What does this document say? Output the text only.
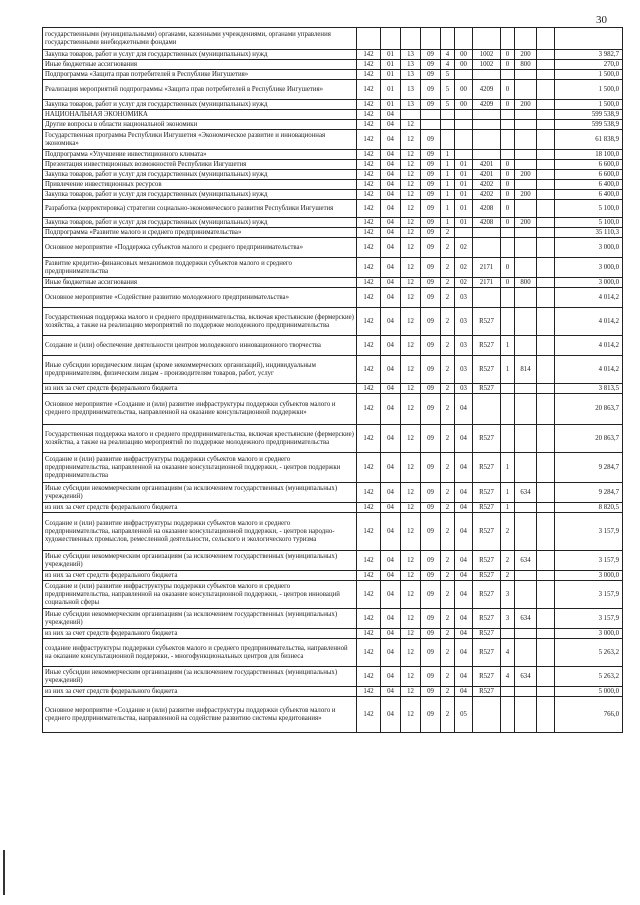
30
государственными (муниципальными) органами, казенными учреждениями, органами управления государственными внебюджетными фондами											
Закупка товаров, работ и услуг для государственных (муниципальных) нужд	142	01	13	09	4	00	1002	0	200		3 982,7
Иные бюджетные ассигнования	142	01	13	09	4	00	1002	0	800		270,0
Подпрограмма «Защита прав потребителей в Республике Ингушетия»	142	01	13	09	5						1 500,0
Реализация мероприятий подпрограммы «Защита прав потребителей в Республике Ингушетия»	142	01	13	09	5	00	4209	0			1 500,0
Закупка товаров, работ и услуг для государственных (муниципальных) нужд	142	01	13	09	5	00	4209	0	200		1 500,0
НАЦИОНАЛЬНАЯ ЭКОНОМИКА	142	04									599 538,9
Другие вопросы в области национальной экономики	142	04	12								599 538,9
Государственная программа Республики Ингушетия «Экономическое развитие и инновационная экономика»	142	04	12	09							61 838,9
Подпрограмма «Улучшение инвестиционного климата»	142	04	12	09	1						18 100,0
Презентация инвестиционных возможностей Республики Ингушетия	142	04	12	09	1	01	4201	0			6 600,0
Закупка товаров, работ и услуг для государственных (муниципальных) нужд	142	04	12	09	1	01	4201	0	200		6 600,0
Привлечение инвестиционных ресурсов	142	04	12	09	1	01	4202	0			6 400,0
Закупка товаров, работ и услуг для государственных (муниципальных) нужд	142	04	12	09	1	01	4202	0	200		6 400,0
Разработка (корректировка) стратегии социально-экономического развития Республики Ингушетия	142	04	12	09	1	01	4208	0			5 100,0
Закупка товаров, работ и услуг для государственных (муниципальных) нужд	142	04	12	09	1	01	4208	0	200		5 100,0
Подпрограмма «Развитие малого и среднего предпринимательства»	142	04	12	09	2						35 110,3
Основное мероприятие «Поддержка субъектов малого и среднего предпринимательства»	142	04	12	09	2	02					3 000,0
Развитие кредитно-финансовых механизмов поддержки субъектов малого и среднего предпринимательства	142	04	12	09	2	02	2171	0			3 000,0
Иные бюджетные ассигнования	142	04	12	09	2	02	2171	0	800		3 000,0
Основное мероприятие «Содействие развитию молодежного предпринимательства»	142	04	12	09	2	03					4 014,2
Государственная поддержка малого и среднего предпринимательства, включая крестьянские (фермерские) хозяйства, а также на реализацию мероприятий по поддержке молодежного предпринимательства	142	04	12	09	2	03	R527				4 014,2
Создание и (или) обеспечение деятельности центров молодежного инновационного творчества	142	04	12	09	2	03	R527	1			4 014,2
Иные субсидии юридическим лицам (кроме некоммерческих организаций), индивидуальным предпринимателям, физическим лицам - производителям товаров, работ, услуг	142	04	12	09	2	03	R527	1	814		4 014,2
из них за счет средств федерального бюджета	142	04	12	09	2	03	R527				3 813,5
Основное мероприятие «Создание и (или) развитие инфраструктуры поддержки субъектов малого и среднего предпринимательства, направленной на оказание консультационной поддержки»	142	04	12	09	2	04					20 863,7
Государственная поддержка малого и среднего предпринимательства, включая крестьянские (фермерские) хозяйства, а также на реализацию мероприятий по поддержке молодежного предпринимательства	142	04	12	09	2	04	R527				20 863,7
Создание и (или) развитие инфраструктуры поддержки субъектов малого и среднего предпринимательства, направленной на оказание консультационной поддержки, - центров поддержки предпринимательства	142	04	12	09	2	04	R527	1			9 284,7
Иные субсидии некоммерческим организациям (за исключением государственных (муниципальных) учреждений)	142	04	12	09	2	04	R527	1	634		9 284,7
из них за счет средств федерального бюджета	142	04	12	09	2	04	R527	1			8 820,5
Создание и (или) развитие инфраструктуры поддержки субъектов малого и среднего предпринимательства, направленной на оказание консультационной поддержки, - центров народно-художественных промыслов, ремесленной деятельности, сельского и экологического туризма	142	04	12	09	2	04	R527	2			3 157,9
Иные субсидии некоммерческим организациям (за исключением государственных (муниципальных) учреждений)	142	04	12	09	2	04	R527	2	634		3 157,9
из них за счет средств федерального бюджета	142	04	12	09	2	04	R527	2			3 000,0
Создание и (или) развитие инфраструктуры поддержки субъектов малого и среднего предпринимательства, направленной на оказание консультационной поддержки, - центров инноваций социальной сферы	142	04	12	09	2	04	R527	3			3 157,9
Иные субсидии некоммерческим организациям (за исключением государственных (муниципальных) учреждений)	142	04	12	09	2	04	R527	3	634		3 157,9
из них за счет средств федерального бюджета	142	04	12	09	2	04	R527				3 000,0
создание инфраструктуры поддержки субъектов малого и среднего предпринимательства, направленной на оказание консультационной поддержки, - многофункциональных центров для бизнеса	142	04	12	09	2	04	R527	4			5 263,2
Иные субсидии некоммерческим организациям (за исключением государственных (муниципальных) учреждений)	142	04	12	09	2	04	R527	4	634		5 263,2
из них за счет средств федерального бюджета	142	04	12	09	2	04	R527				5 000,0
Основное мероприятие «Создание и (или) развитие инфраструктуры поддержки субъектов малого и среднего предпринимательства, направленной на содействие развитию системы кредитования»	142	04	12	09	2	05					766,0
